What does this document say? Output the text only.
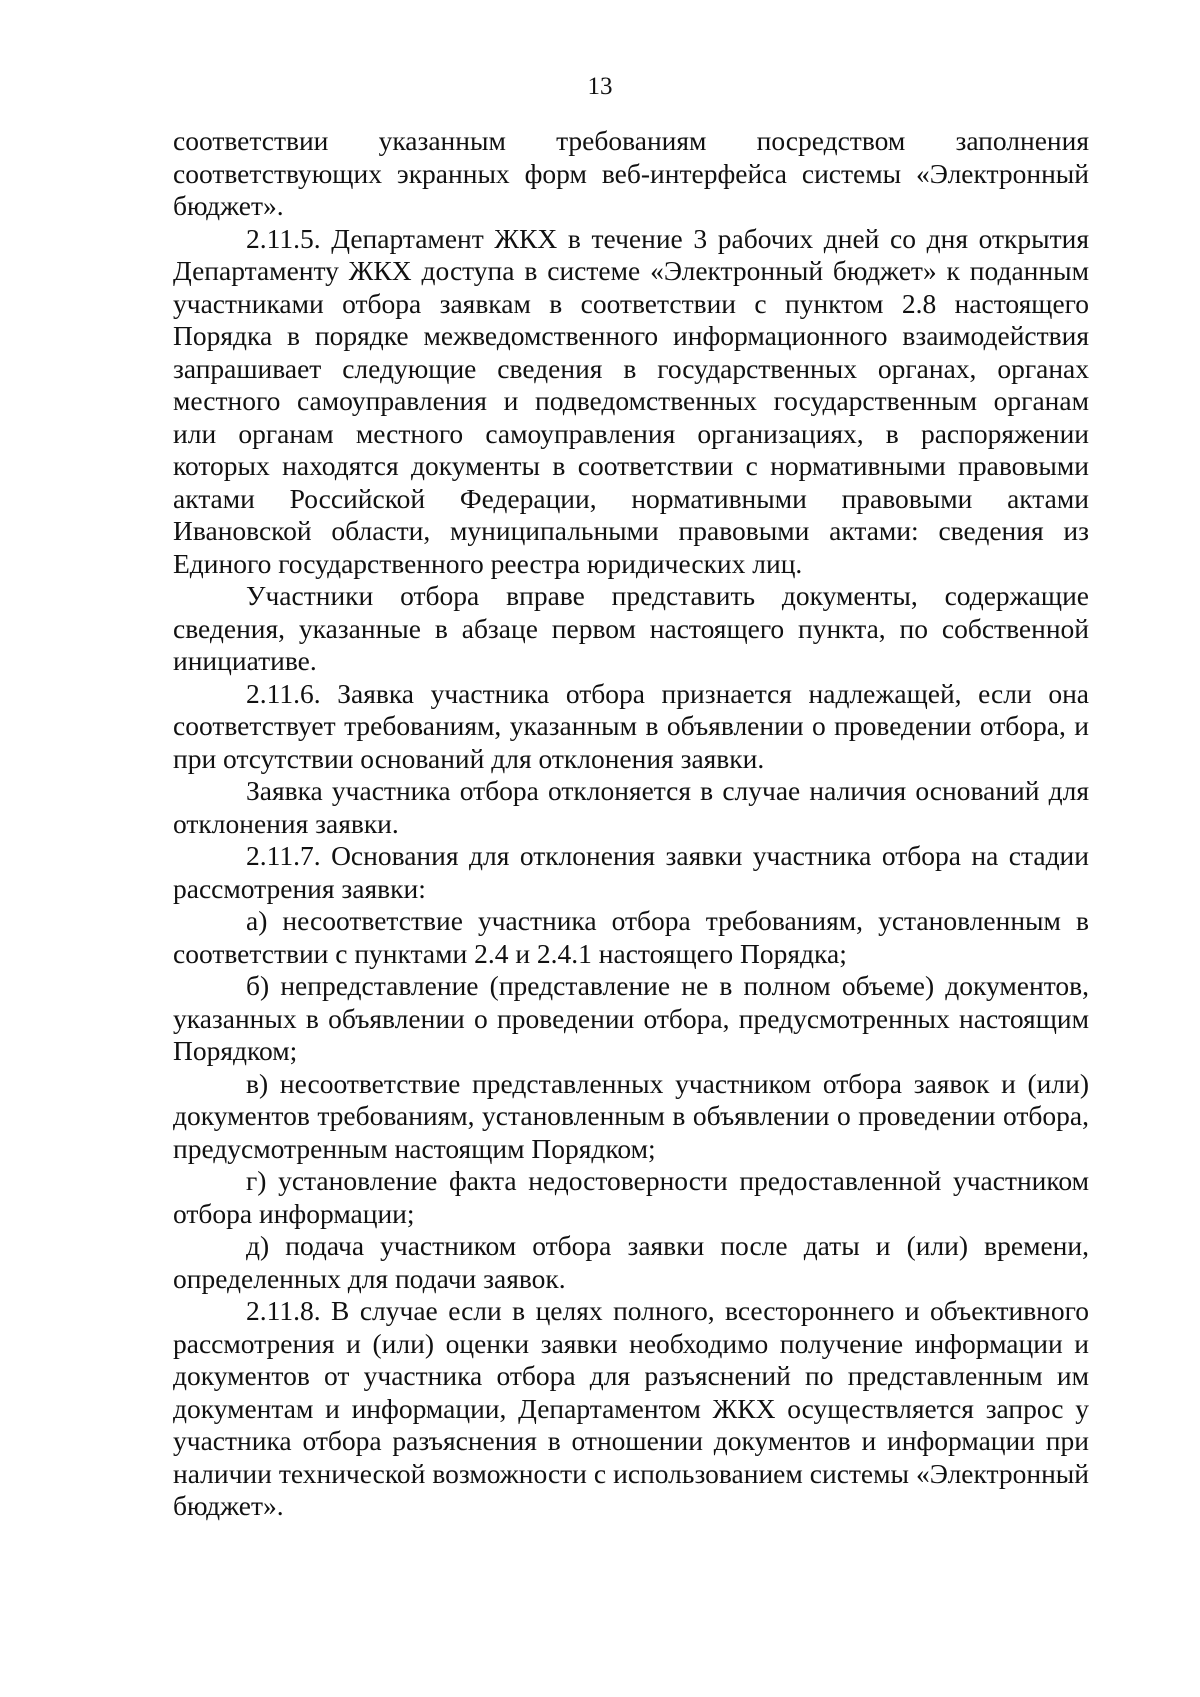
13

соответствии указанным требованиям посредством заполнения соответствующих экранных форм веб-интерфейса системы «Электронный бюджет».

2.11.5. Департамент ЖКХ в течение 3 рабочих дней со дня открытия Департаменту ЖКХ доступа в системе «Электронный бюджет» к поданным участниками отбора заявкам в соответствии с пунктом 2.8 настоящего Порядка в порядке межведомственного информационного взаимодействия запрашивает следующие сведения в государственных органах, органах местного самоуправления и подведомственных государственным органам или органам местного самоуправления организациях, в распоряжении которых находятся документы в соответствии с нормативными правовыми актами Российской Федерации, нормативными правовыми актами Ивановской области, муниципальными правовыми актами: сведения из Единого государственного реестра юридических лиц.

Участники отбора вправе представить документы, содержащие сведения, указанные в абзаце первом настоящего пункта, по собственной инициативе.

2.11.6. Заявка участника отбора признается надлежащей, если она соответствует требованиям, указанным в объявлении о проведении отбора, и при отсутствии оснований для отклонения заявки.

Заявка участника отбора отклоняется в случае наличия оснований для отклонения заявки.

2.11.7. Основания для отклонения заявки участника отбора на стадии рассмотрения заявки:

а) несоответствие участника отбора требованиям, установленным в соответствии с пунктами 2.4 и 2.4.1 настоящего Порядка;

б) непредставление (представление не в полном объеме) документов, указанных в объявлении о проведении отбора, предусмотренных настоящим Порядком;

в) несоответствие представленных участником отбора заявок и (или) документов требованиям, установленным в объявлении о проведении отбора, предусмотренным настоящим Порядком;

г) установление факта недостоверности предоставленной участником отбора информации;

д) подача участником отбора заявки после даты и (или) времени, определенных для подачи заявок.

2.11.8. В случае если в целях полного, всестороннего и объективного рассмотрения и (или) оценки заявки необходимо получение информации и документов от участника отбора для разъяснений по представленным им документам и информации, Департаментом ЖКХ осуществляется запрос у участника отбора разъяснения в отношении документов и информации при наличии технической возможности с использованием системы «Электронный бюджет».
